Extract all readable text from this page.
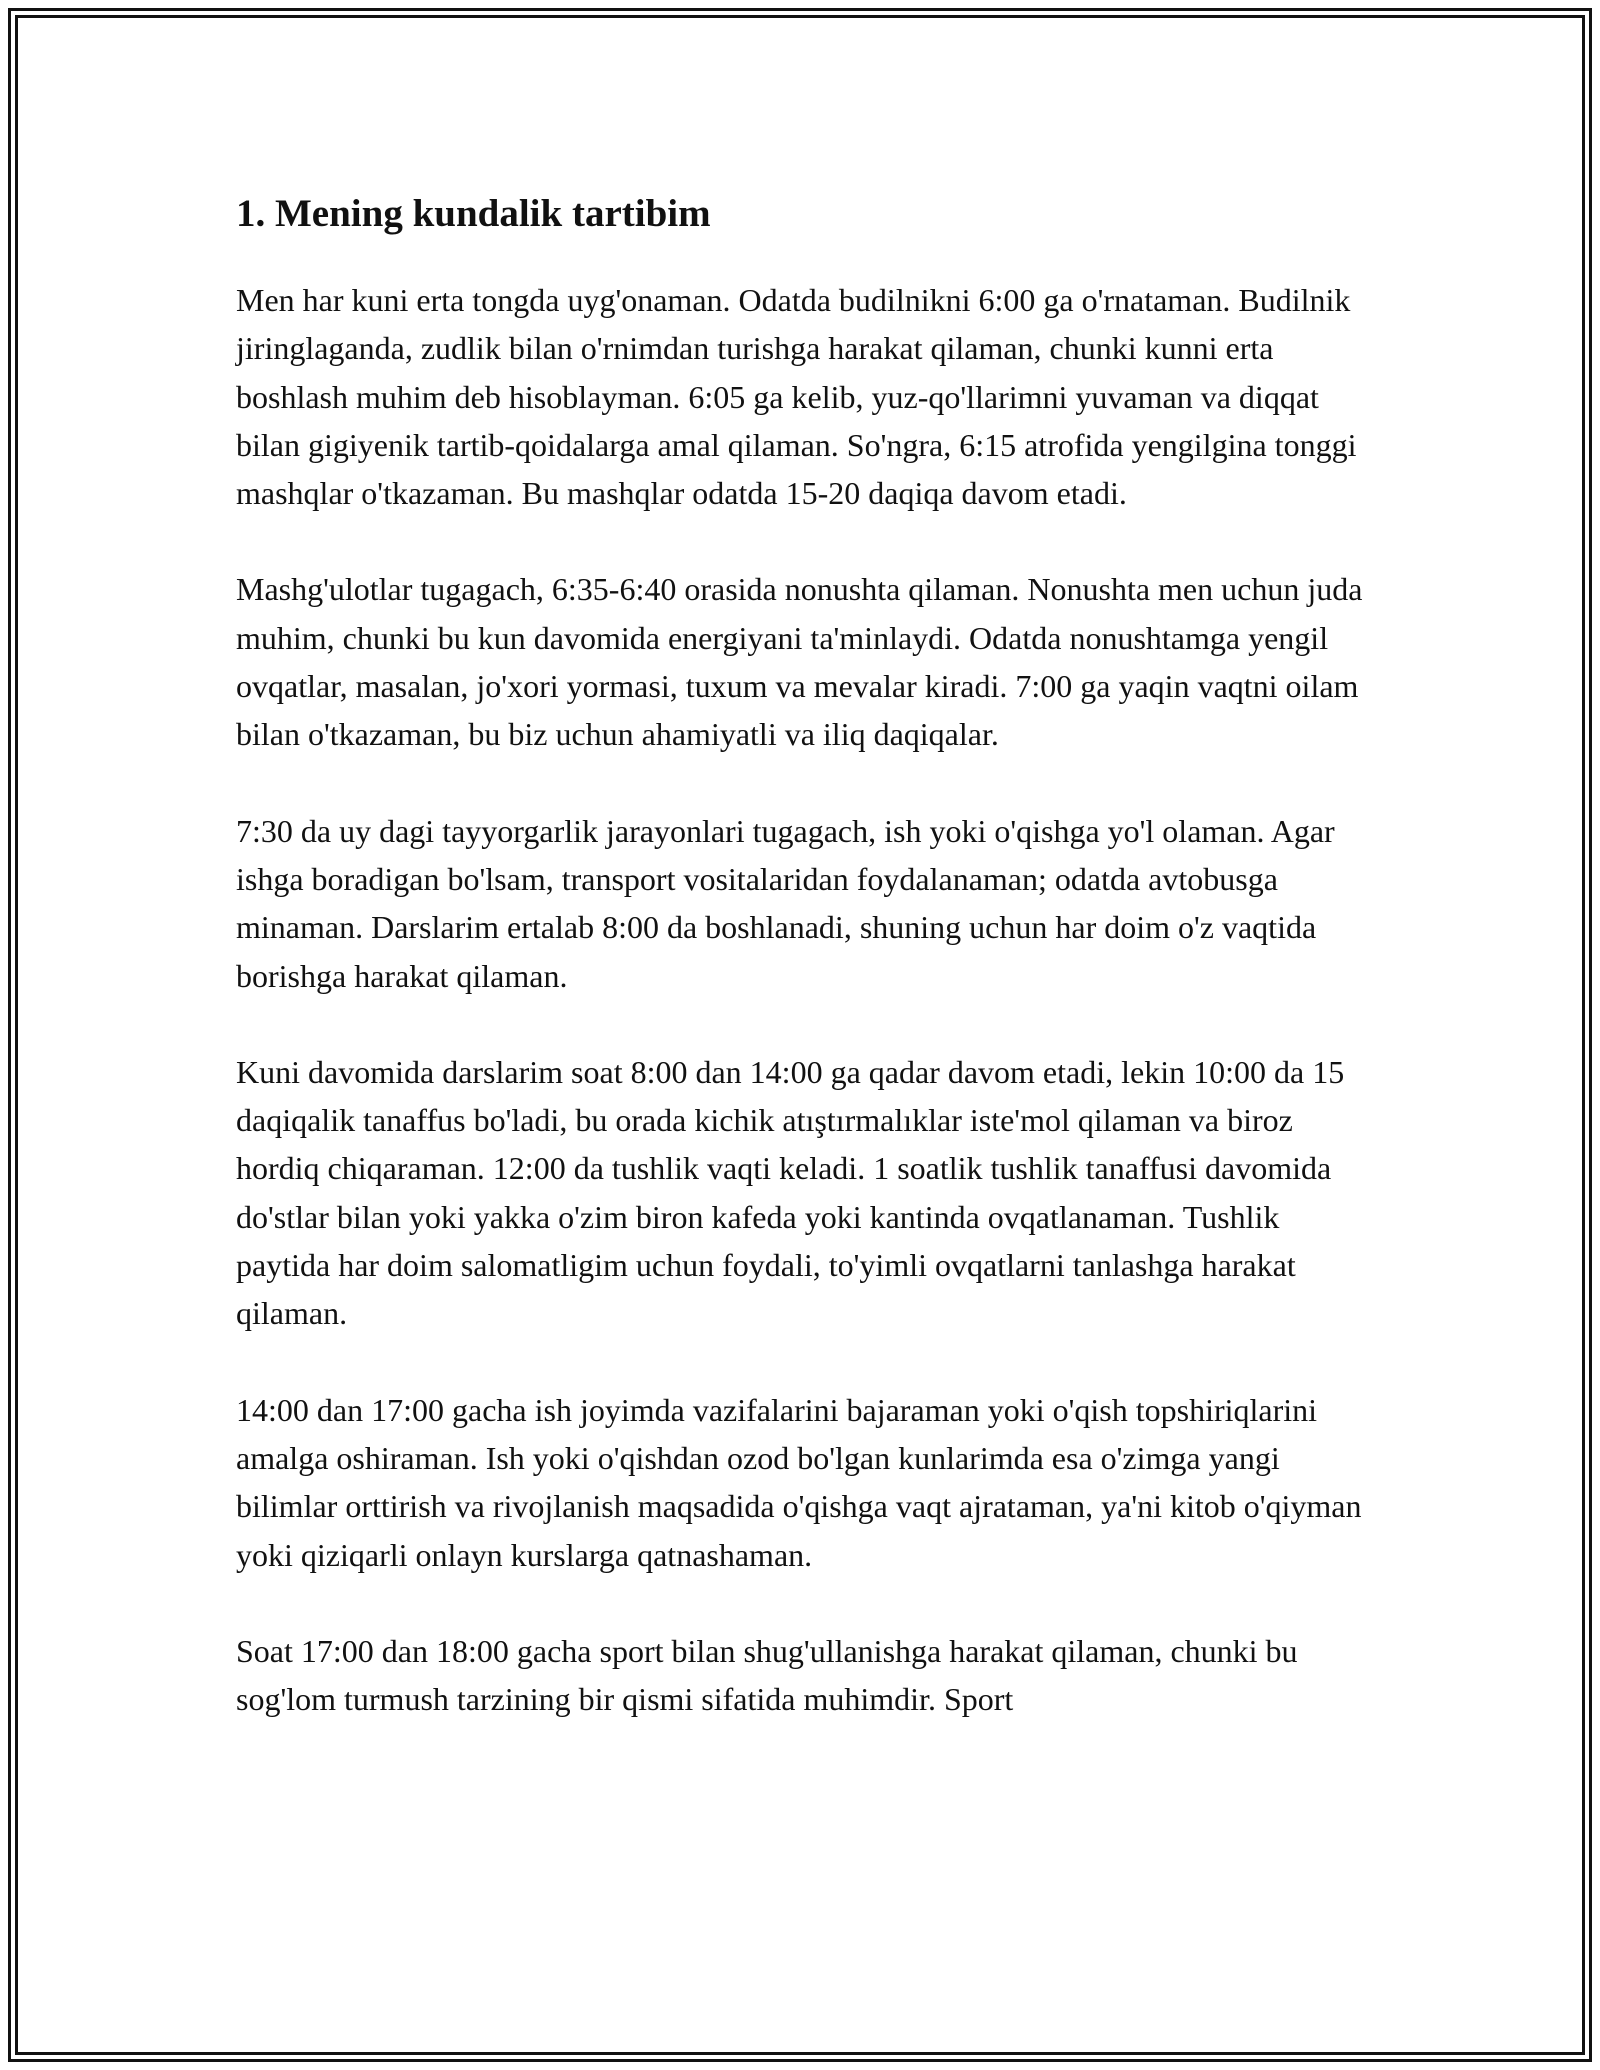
1. Mening kundalik tartibim

Men har kuni erta tongda uyg'onaman. Odatda budilnikni 6:00 ga o'rnataman. Budilnik jiringlaganda, zudlik bilan o'rnimdan turishga harakat qilaman, chunki kunni erta boshlash muhim deb hisoblayman. 6:05 ga kelib, yuz-qo'llarimni yuvaman va diqqat bilan gigiyenik tartib-qoidalarga amal qilaman. So'ngra, 6:15 atrofida yengilgina tonggi mashqlar o'tkazaman. Bu mashqlar odatda 15-20 daqiqa davom etadi.

Mashg'ulotlar tugagach, 6:35-6:40 orasida nonushta qilaman. Nonushta men uchun juda muhim, chunki bu kun davomida energiyani ta'minlaydi. Odatda nonushtamga yengil ovqatlar, masalan, jo'xori yormasi, tuxum va mevalar kiradi. 7:00 ga yaqin vaqtni oilam bilan o'tkazaman, bu biz uchun ahamiyatli va iliq daqiqalar.

7:30 da uy dagi tayyorgarlik jarayonlari tugagach, ish yoki o'qishga yo'l olaman. Agar ishga boradigan bo'lsam, transport vositalaridan foydalanaman; odatda avtobusga minaman. Darslarim ertalab 8:00 da boshlanadi, shuning uchun har doim o'z vaqtida borishga harakat qilaman.

Kuni davomida darslarim soat 8:00 dan 14:00 ga qadar davom etadi, lekin 10:00 da 15 daqiqalik tanaffus bo'ladi, bu orada kichik atıştırmalıklar iste'mol qilaman va biroz hordiq chiqaraman. 12:00 da tushlik vaqti keladi. 1 soatlik tushlik tanaffusi davomida do'stlar bilan yoki yakka o'zim biron kafeda yoki kantinda ovqatlanaman. Tushlik paytida har doim salomatligim uchun foydali, to'yimli ovqatlarni tanlashga harakat qilaman.

14:00 dan 17:00 gacha ish joyimda vazifalarini bajaraman yoki o'qish topshiriqlarini amalga oshiraman. Ish yoki o'qishdan ozod bo'lgan kunlarimda esa o'zimga yangi bilimlar orttirish va rivojlanish maqsadida o'qishga vaqt ajrataman, ya'ni kitob o'qiyman yoki qiziqarli onlayn kurslarga qatnashaman.

Soat 17:00 dan 18:00 gacha sport bilan shug'ullanishga harakat qilaman, chunki bu sog'lom turmush tarzining bir qismi sifatida muhimdir. Sport
